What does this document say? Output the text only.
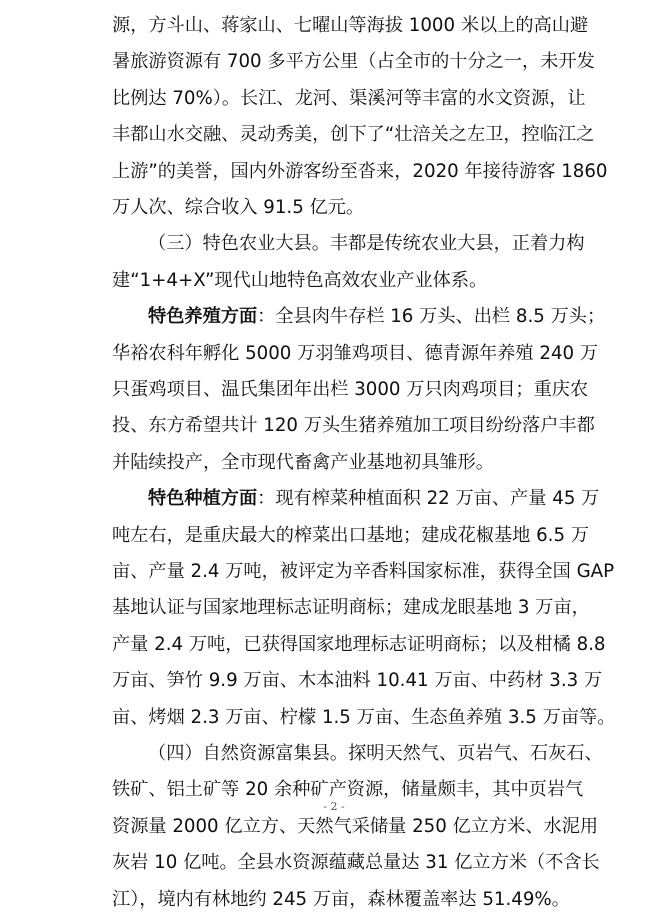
源，方斗山、蒋家山、七曜山等海拔 1000 米以上的高山避
暑旅游资源有 700 多平方公里（占全市的十分之一，未开发
比例达 70%）。长江、龙河、渠溪河等丰富的水文资源，让
丰都山水交融、灵动秀美，创下了“壮涪关之左卫，控临江之
上游”的美誉，国内外游客纷至沓来，2020 年接待游客 1860
万人次、综合收入 91.5 亿元。
（三）特色农业大县。丰都是传统农业大县，正着力构
建“1+4+X”现代山地特色高效农业产业体系。
特色养殖方面：全县肉牛存栏 16 万头、出栏 8.5 万头；
华裕农科年孵化 5000 万羽雏鸡项目、德青源年养殖 240 万
只蛋鸡项目、温氏集团年出栏 3000 万只肉鸡项目；重庆农
投、东方希望共计 120 万头生猪养殖加工项目纷纷落户丰都
并陆续投产，全市现代畜禽产业基地初具雏形。
特色种植方面：现有榨菜种植面积 22 万亩、产量 45 万
吨左右，是重庆最大的榨菜出口基地；建成花椒基地 6.5 万
亩、产量 2.4 万吨，被评定为辛香料国家标准，获得全国 GAP
基地认证与国家地理标志证明商标；建成龙眼基地 3 万亩，
产量 2.4 万吨，已获得国家地理标志证明商标；以及柑橘 8.8
万亩、笋竹 9.9 万亩、木本油料 10.41 万亩、中药材 3.3 万
亩、烤烟 2.3 万亩、柠檬 1.5 万亩、生态鱼养殖 3.5 万亩等。
（四）自然资源富集县。探明天然气、页岩气、石灰石、
铁矿、铝土矿等 20 余种矿产资源，储量颇丰，其中页岩气
资源量 2000 亿立方、天然气采储量 250 亿立方米、水泥用
灰岩 10 亿吨。全县水资源蕴藏总量达 31 亿立方米（不含长
江），境内有林地约 245 万亩，森林覆盖率达 51.49%。
- 2 -
